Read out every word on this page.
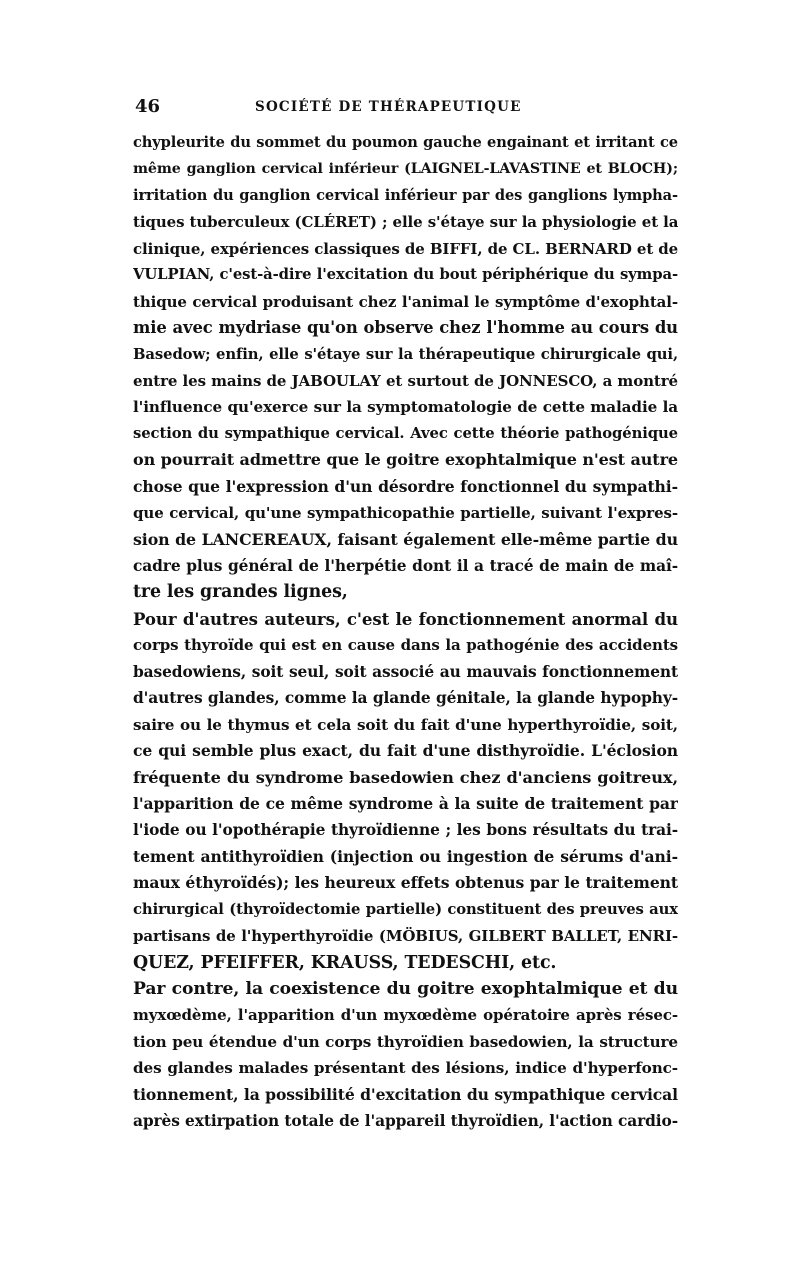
46	SOCIÉTÉ DE THÉRAPEUTIQUE
chypleurite du sommet du poumon gauche engainant et irritant ce
même ganglion cervical inférieur (LAIGNEL-LAVASTINE et BLOCH);
irritation du ganglion cervical inférieur par des ganglions lympha-
tiques tuberculeux (CLÉRET) ; elle s'étaye sur la physiologie et la
clinique, expériences classiques de BIFFI, de CL. BERNARD et de
VULPIAN, c'est-à-dire l'excitation du bout périphérique du sympa-
thique cervical produisant chez l'animal le symptôme d'exophtal-
mie avec mydriase qu'on observe chez l'homme au cours du
Basedow; enfin, elle s'étaye sur la thérapeutique chirurgicale qui,
entre les mains de JABOULAY et surtout de JONNESCO, a montré
l'influence qu'exerce sur la symptomatologie de cette maladie la
section du sympathique cervical. Avec cette théorie pathogénique
on pourrait admettre que le goitre exophtalmique n'est autre
chose que l'expression d'un désordre fonctionnel du sympathi-
que cervical, qu'une sympathicopathie partielle, suivant l'expres-
sion de LANCEREAUX, faisant également elle-même partie du
cadre plus général de l'herpétie dont il a tracé de main de maî-
tre les grandes lignes,
Pour d'autres auteurs, c'est le fonctionnement anormal du
corps thyroïde qui est en cause dans la pathogénie des accidents
basedowiens, soit seul, soit associé au mauvais fonctionnement
d'autres glandes, comme la glande génitale, la glande hypophy-
saire ou le thymus et cela soit du fait d'une hyperthyroïdie, soit,
ce qui semble plus exact, du fait d'une disthyroïdie. L'éclosion
fréquente du syndrome basedowien chez d'anciens goitreux,
l'apparition de ce même syndrome à la suite de traitement par
l'iode ou l'opothérapie thyroïdienne ; les bons résultats du trai-
tement antithyroïdien (injection ou ingestion de sérums d'ani-
maux éthyroïdés); les heureux effets obtenus par le traitement
chirurgical (thyroïdectomie partielle) constituent des preuves aux
partisans de l'hyperthyroïdie (MÖBIUS, GILBERT BALLET, ENRI-
QUEZ, PFEIFFER, KRAUSS, TEDESCHI, etc.
Par contre, la coexistence du goitre exophtalmique et du
myxœdème, l'apparition d'un myxœdème opératoire après résec-
tion peu étendue d'un corps thyroïdien basedowien, la structure
des glandes malades présentant des lésions, indice d'hyperfonc-
tionnement, la possibilité d'excitation du sympathique cervical
après extirpation totale de l'appareil thyroïdien, l'action cardio-
